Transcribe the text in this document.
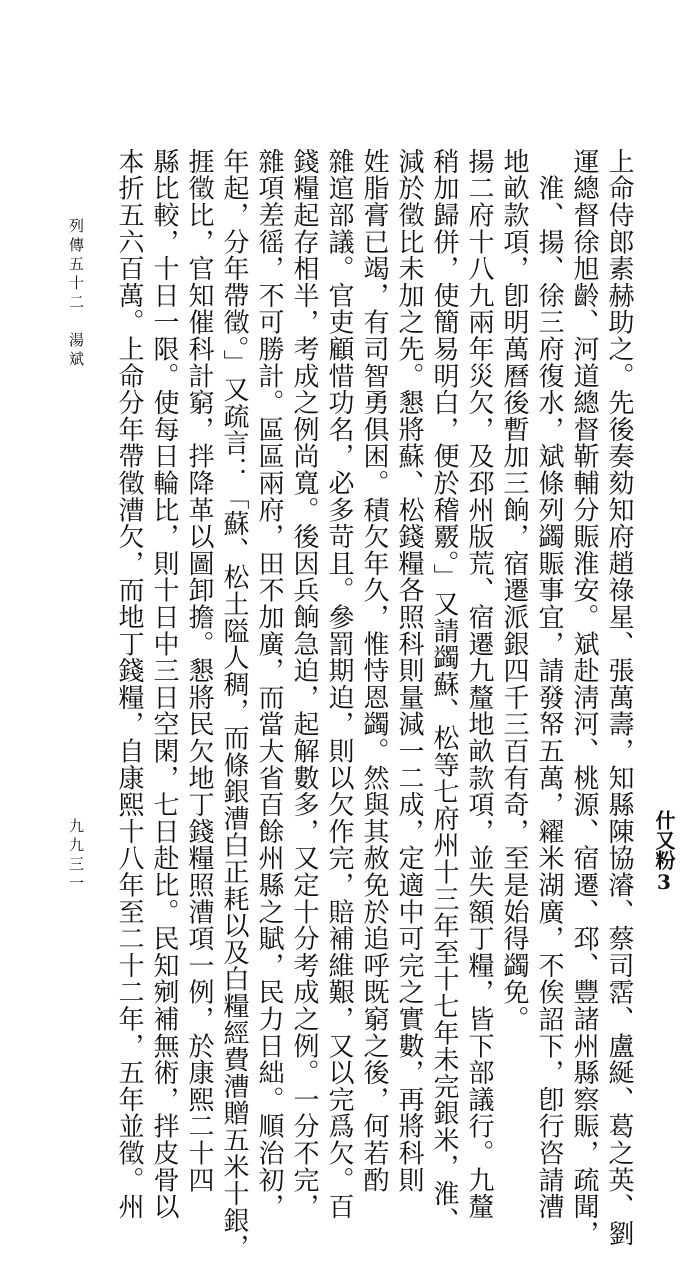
本折五六百萬。上命分年帶徵漕欠，而地丁錢糧，自康熙十八年至二十二年，五年並徵。州 縣比較，十日一限。使每日輪比，則十日中三日空閑，七日赴比。民知剜補無術，拌皮骨以 捱徵比，官知催科計窮，拌降革以圖卸擔。懇將民欠地丁錢糧照漕項一例，於康熙二十四 年起，分年帶徵。」又疏言：「蘇、松土隘人稠，而條銀漕白正耗以及白糧經費漕贈五米十銀， 雜項差徭，不可勝計。區區兩府，田不加廣，而當大省百餘州縣之賦，民力日絀。順治初， 錢糧起存相半，考成之例尚寬。後因兵餉急迫，起解數多，又定十分考成之例。一分不完， 雜逭部議。官吏顧惜功名，必多苛且。參罰期迫，則以欠作完，賠補維艱，又以完爲欠。百 姓脂膏已竭，有司智勇俱困。積欠年久，惟恃恩蠲。然與其赦免於追呼既窮之後，何若酌 減於徵比未加之先。懇將蘇、松錢糧各照科則量減一二成，定適中可完之實數，再將科則 稍加歸併，使簡易明白，便於稽覈。」又請蠲蘇、松等七府州十三年至十七年未完銀米，淮、 揚二府十八九兩年災欠，及邳州版荒、宿遷九釐地畝款項，並失額丁糧，皆下部議行。九釐 地畝款項，卽明萬曆後暫加三餉，宿遷派銀四千三百有奇，至是始得蠲免。 　淮、揚、徐三府復水，斌條列蠲賑事宜，請發帑五萬，糴米湖廣，不俟詔下，卽行咨請漕 運總督徐旭齡、河道總督靳輔分賑淮安。斌赴淸河、桃源、宿遷、邳、豐諸州縣察賑，疏聞， 上命侍郎素赫助之。先後奏劾知府趙祿星、張萬壽，知縣陳協濬、蔡司霑、盧綖、葛之英、劉
列傳五十二　湯斌
九九三一	什又粉3
